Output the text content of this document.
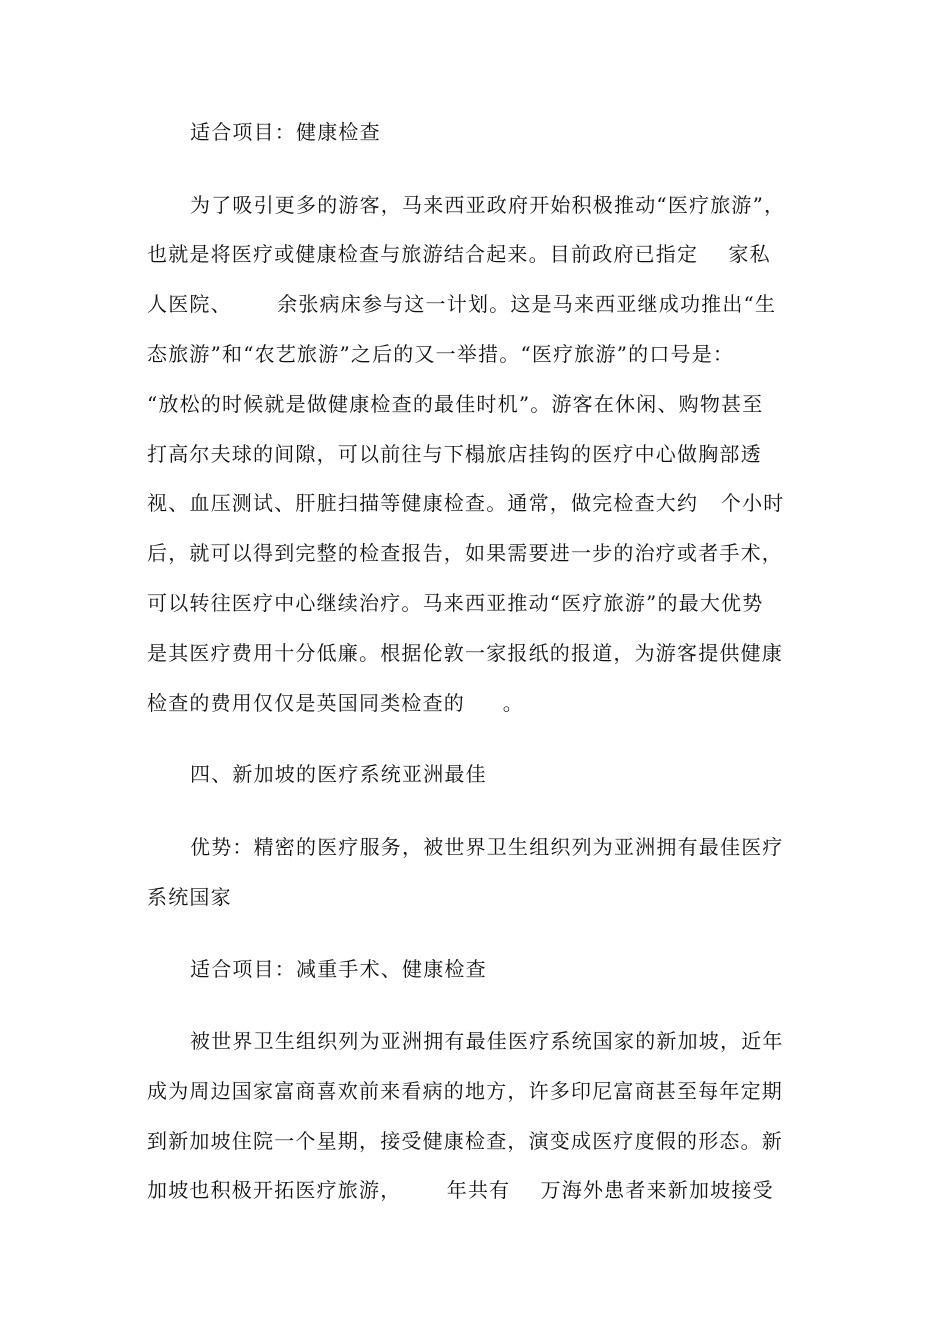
适合项目：健康检查
为了吸引更多的游客，马来西亚政府开始积极推动“医疗旅游”，
也就是将医疗或健康检查与旅游结合起来。目前政府已指定    家私
人医院、      余张病床参与这一计划。这是马来西亚继成功推出“生
态旅游”和“农艺旅游”之后的又一举措。“医疗旅游”的口号是：
“放松的时候就是做健康检查的最佳时机”。游客在休闲、购物甚至
打高尔夫球的间隙，可以前往与下榻旅店挂钩的医疗中心做胸部透
视、血压测试、肝脏扫描等健康检查。通常，做完检查大约   个小时
后，就可以得到完整的检查报告，如果需要进一步的治疗或者手术，
可以转往医疗中心继续治疗。马来西亚推动“医疗旅游”的最大优势
是其医疗费用十分低廉。根据伦敦一家报纸的报道，为游客提供健康
检查的费用仅仅是英国同类检查的     。
四、新加坡的医疗系统亚洲最佳
优势：精密的医疗服务，被世界卫生组织列为亚洲拥有最佳医疗
系统国家
适合项目：减重手术、健康检查
被世界卫生组织列为亚洲拥有最佳医疗系统国家的新加坡，近年
成为周边国家富商喜欢前来看病的地方，许多印尼富商甚至每年定期
到新加坡住院一个星期，接受健康检查，演变成医疗度假的形态。新
加坡也积极开拓医疗旅游，      年共有    万海外患者来新加坡接受
